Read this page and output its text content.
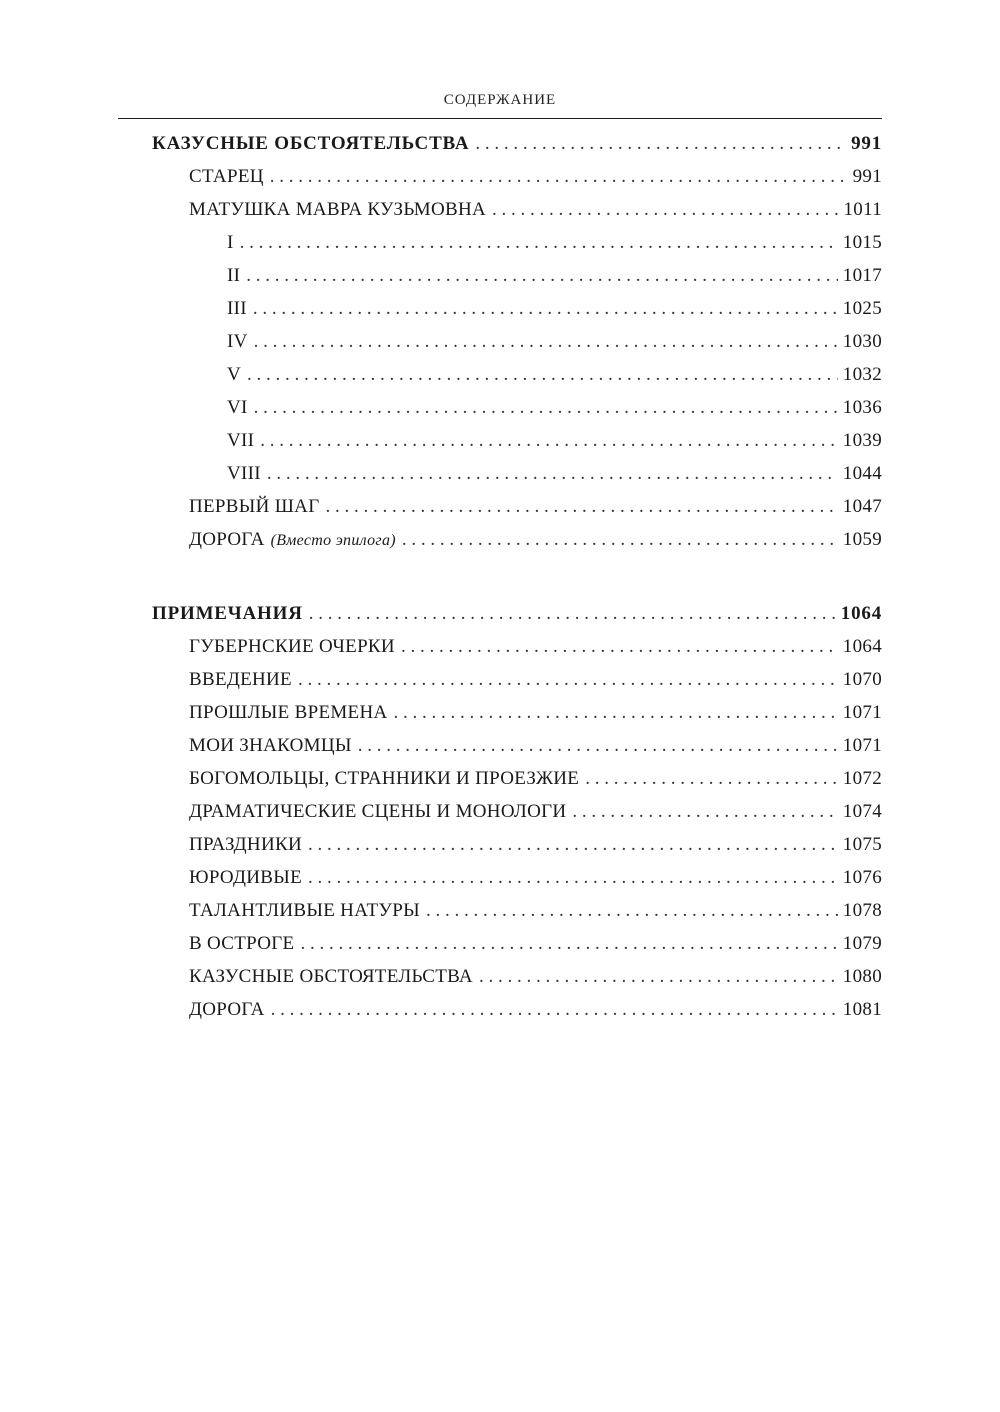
СОДЕРЖАНИЕ
КАЗУСНЫЕ ОБСТОЯТЕЛЬСТВА . . .	991
СТАРЕЦ . . .	991
МАТУШКА МАВРА КУЗЬМОВНА . . .	1011
I . . .	1015
II . . .	1017
III . . .	1025
IV . . .	1030
V . . .	1032
VI . . .	1036
VII . . .	1039
VIII . . .	1044
ПЕРВЫЙ ШАГ . . .	1047
ДОРОГА (Вместо эпилога) . . .	1059
ПРИМЕЧАНИЯ . . .	1064
ГУБЕРНСКИЕ ОЧЕРКИ . . .	1064
ВВЕДЕНИЕ . . .	1070
ПРОШЛЫЕ ВРЕМЕНА . . .	1071
МОИ ЗНАКОМЦЫ . . .	1071
БОГОМОЛЬЦЫ, СТРАННИКИ И ПРОЕЗЖИЕ . . .	1072
ДРАМАТИЧЕСКИЕ СЦЕНЫ И МОНОЛОГИ . . .	1074
ПРАЗДНИКИ . . .	1075
ЮРОДИВЫЕ . . .	1076
ТАЛАНТЛИВЫЕ НАТУРЫ . . .	1078
В ОСТРОГЕ . . .	1079
КАЗУСНЫЕ ОБСТОЯТЕЛЬСТВА . . .	1080
ДОРОГА . . .	1081
